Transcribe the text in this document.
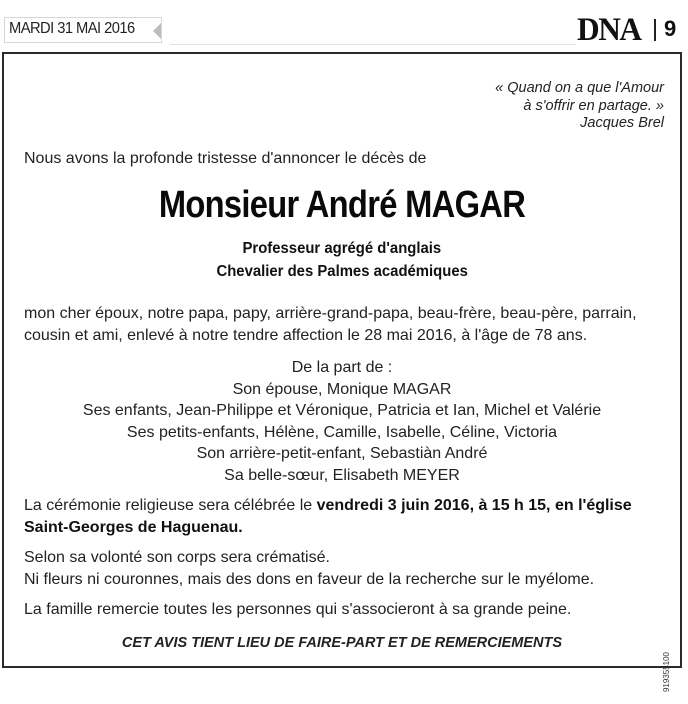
MARDI 31 MAI 2016	DNA 9
« Quand on a que l'Amour
à s'offrir en partage. »
Jacques Brel
Nous avons la profonde tristesse d'annoncer le décès de
Monsieur André MAGAR
Professeur agrégé d'anglais
Chevalier des Palmes académiques
mon cher époux, notre papa, papy, arrière-grand-papa, beau-frère, beau-père, parrain,
cousin et ami, enlevé à notre tendre affection le 28 mai 2016, à l'âge de 78 ans.
De la part de :
Son épouse, Monique MAGAR
Ses enfants, Jean-Philippe et Véronique, Patricia et Ian, Michel et Valérie
Ses petits-enfants, Hélène, Camille, Isabelle, Céline, Victoria
Son arrière-petit-enfant, Sebastiàn André
Sa belle-sœur, Elisabeth MEYER
La cérémonie religieuse sera célébrée le vendredi 3 juin 2016, à 15 h 15, en l'église
Saint-Georges de Haguenau.
Selon sa volonté son corps sera crématisé.
Ni fleurs ni couronnes, mais des dons en faveur de la recherche sur le myélome.
La famille remercie toutes les personnes qui s'associeront à sa grande peine.
CET AVIS TIENT LIEU DE FAIRE-PART ET DE REMERCIEMENTS
919355100
